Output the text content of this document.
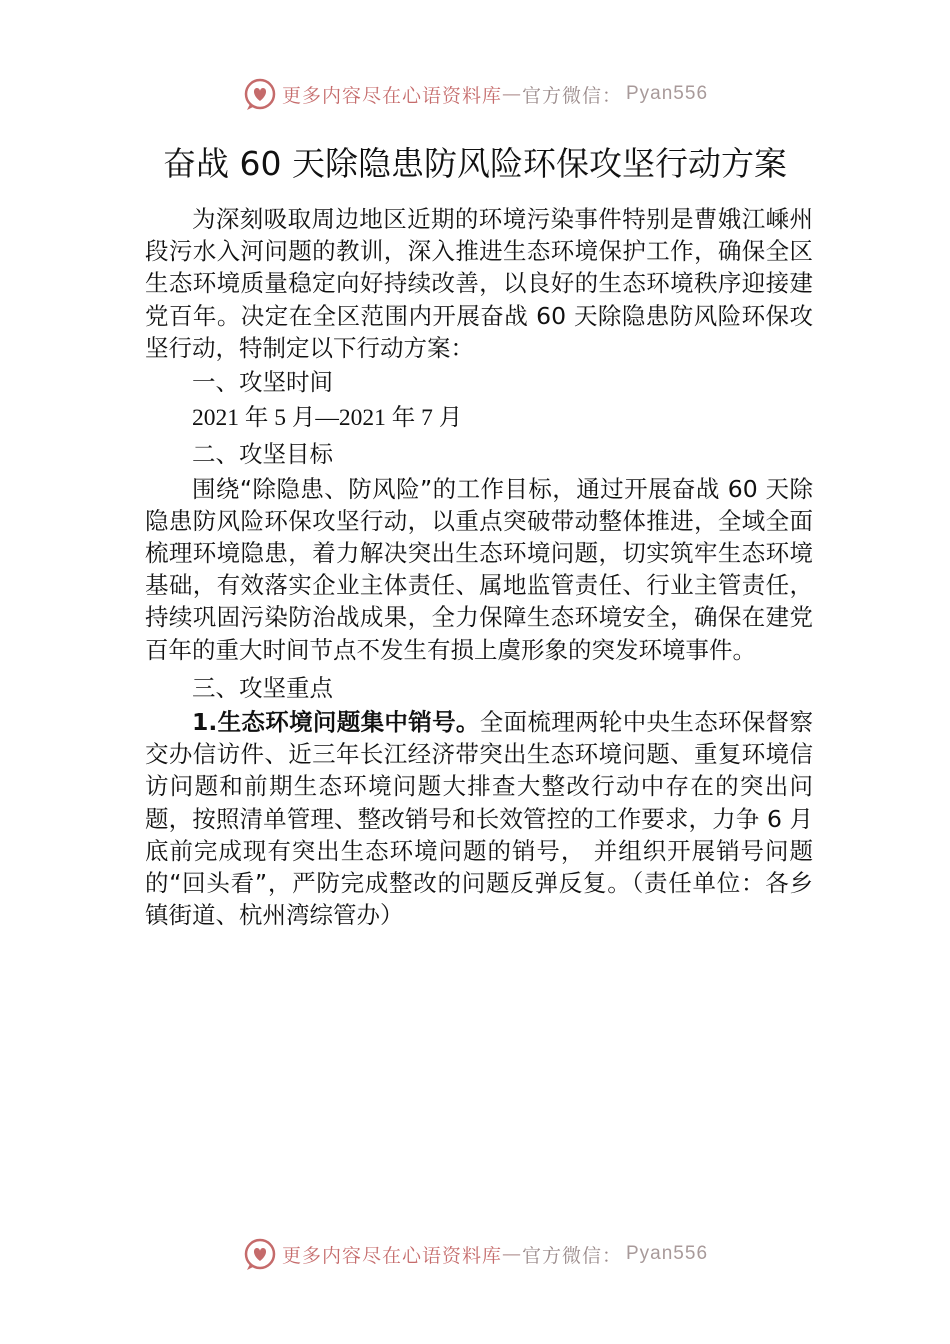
更多内容尽在心语资料库 — 官方微信： Pyan556
奋战 60 天除隐患防风险环保攻坚行动方案

为深刻吸取周边地区近期的环境污染事件特别是曹娥江嵊州段污水入河问题的教训，深入推进生态环境保护工作，确保全区生态环境质量稳定向好持续改善，以良好的生态环境秩序迎接建党百年。决定在全区范围内开展奋战 60 天除隐患防风险环保攻坚行动，特制定以下行动方案：

一、攻坚时间
2021 年 5 月—2021 年 7 月
二、攻坚目标

围绕“除隐患、防风险”的工作目标，通过开展奋战 60 天除隐患防风险环保攻坚行动，以重点突破带动整体推进，全域全面梳理环境隐患，着力解决突出生态环境问题，切实筑牢生态环境基础，有效落实企业主体责任、属地监管责任、行业主管责任，持续巩固污染防治战成果，全力保障生态环境安全，确保在建党百年的重大时间节点不发生有损上虞形象的突发环境事件。

三、攻坚重点

1.生态环境问题集中销号。全面梳理两轮中央生态环保督察交办信访件、近三年长江经济带突出生态环境问题、重复环境信访问题和前期生态环境问题大排查大整改行动中存在的突出问题，按照清单管理、整改销号和长效管控的工作要求，力争 6 月底前完成现有突出生态环境问题的销号， 并组织开展销号问题的“回头看”，严防完成整改的问题反弹反复。（责任单位：各乡镇街道、杭州湾综管办）

更多内容尽在心语资料库 — 官方微信： Pyan556
